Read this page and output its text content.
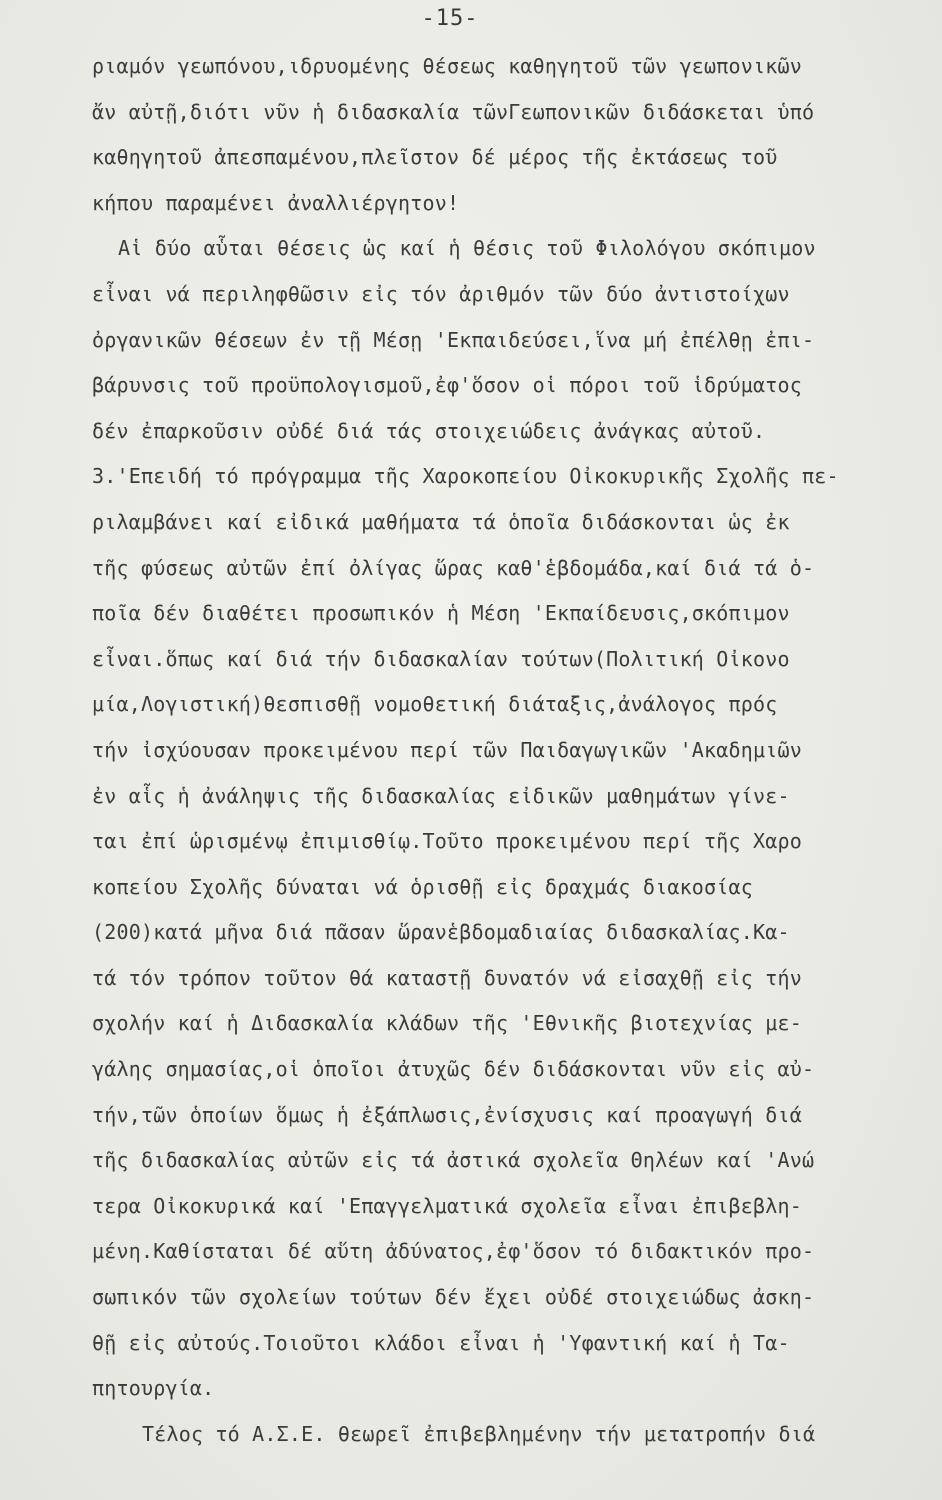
-15-
ριαμόν γεωπόνου,ιδρυομένης θέσεως καθηγητοῦ τῶν γεωπονικῶν
ἄν αὐτῇ,διότι νῦν ἡ διδασκαλία τῶνΓεωπονικῶν διδάσκεται ὑπό
καθηγητοῦ ἀπεσπαμένου,πλεῖστον δέ μέρος τῆς ἐκτάσεως τοῦ
κήπου παραμένει ἀναλλιέργητον!
Αἱ δύο αὗται θέσεις ὡς καί ἡ θέσις τοῦ Φιλολόγου σκόπιμον
εἶναι νά περιληφθῶσιν εἰς τόν ἀριθμόν τῶν δύο ἀντιστοίχων
ὀργανικῶν θέσεων ἐν τῇ Μέσῃ 'Εκπαιδεύσει,ἵνα μή ἐπέλθῃ ἐπι-
βάρυνσις τοῦ προϋπολογισμοῦ,ἐφ'ὅσον οἱ πόροι τοῦ ἱδρύματος
δέν ἐπαρκοῦσιν οὐδέ διά τάς στοιχειώδεις ἀνάγκας αὐτοῦ.
3.'Επειδή τό πρόγραμμα τῆς Χαροκοπείου Οἰκοκυρικῆς Σχολῆς πε-
ριλαμβάνει καί εἰδικά μαθήματα τά ὁποῖα διδάσκονται ὡς ἐκ
τῆς φύσεως αὐτῶν ἐπί ὀλίγας ὥρας καθ'ἑβδομάδα,καί διά τά ὁ-
ποῖα δέν διαθέτει προσωπικόν ἡ Μέση 'Εκπαίδευσις,σκόπιμον
εἶναι.ὅπως καί διά τήν διδασκαλίαν τούτων(Πολιτική Οἰκονο
μία,Λογιστική)θεσπισθῇ νομοθετική διάταξις,ἀνάλογος πρός
τήν ἰσχύουσαν προκειμένου περί τῶν Παιδαγωγικῶν 'Ακαδημιῶν
ἐν αἷς ἡ ἀνάληψις τῆς διδασκαλίας εἰδικῶν μαθημάτων γίνε-
ται ἐπί ὡρισμένῳ ἐπιμισθίῳ.Τοῦτο προκειμένου περί τῆς Χαρο
κοπείου Σχολῆς δύναται νά ὁρισθῇ εἰς δραχμάς διακοσίας
(200)κατά μῆνα διά πᾶσαν ὥρανἑβδομαδιαίας διδασκαλίας.Κα-
τά τόν τρόπον τοῦτον θά καταστῇ δυνατόν νά εἰσαχθῇ εἰς τήν
σχολήν καί ἡ Διδασκαλία κλάδων τῆς 'Εθνικῆς βιοτεχνίας με-
γάλης σημασίας,οἱ ὁποῖοι ἀτυχῶς δέν διδάσκονται νῦν εἰς αὐ-
τήν,τῶν ὁποίων ὅμως ἡ ἐξάπλωσις,ἐνίσχυσις καί προαγωγή διά
τῆς διδασκαλίας αὐτῶν εἰς τά ἀστικά σχολεῖα Θηλέων καί 'Ανώ
τερα Οἰκοκυρικά καί 'Επαγγελματικά σχολεῖα εἶναι ἐπιβεβλη-
μένη.Καθίσταται δέ αὕτη ἀδύνατος,ἐφ'ὅσον τό διδακτικόν προ-
σωπικόν τῶν σχολείων τούτων δέν ἔχει οὐδέ στοιχειώδως ἀσκη-
θῇ εἰς αὐτούς.Τοιοῦτοι κλάδοι εἶναι ἡ 'Υφαντική καί ἡ Τα-
πητουργία.
Τέλος τό Α.Σ.Ε. θεωρεῖ ἐπιβεβλημένην τήν μετατροπήν διά
